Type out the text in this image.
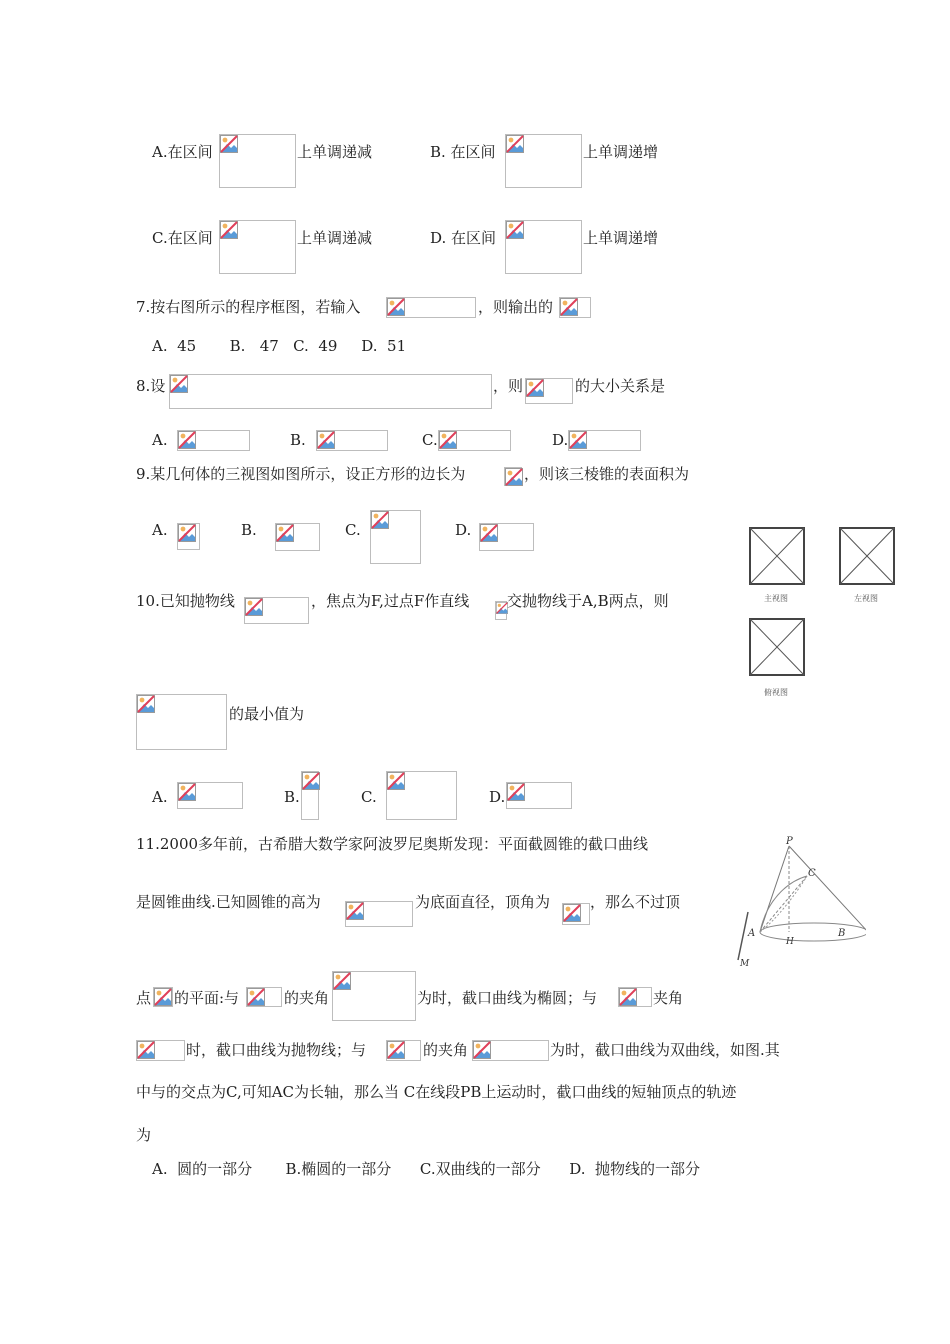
A.在区间	上单调递减	B. 在区间	上单调递增
C.在区间	上单调递减	D. 在区间	上单调递增
7.按右图所示的程序框图，若输入	，则输出的
A.  45       B.   47   C.  49     D.  51
8.设	，则	的大小关系是
A.	B.	C.	D.
9.某几何体的三视图如图所示，设正方形的边长为	，则该三棱锥的表面积为
A.	B.	C.	D.
主视图	左视图
俯视图
10.已知抛物线	，焦点为F,过点F作直线	交抛物线于A,B两点，则
的最小值为
A.	B.	C.	D.
11.2000多年前，古希腊大数学家阿波罗尼奥斯发现：平面截圆锥的截口曲线
是圆锥曲线.已知圆锥的高为	为底面直径，顶角为	，那么不过顶
点 的平面:与	的夹角	为时，截口曲线为椭圆；与	夹角
时，截口曲线为抛物线；与	的夹角	为时，截口曲线为双曲线，如图.其
中与的交点为C,可知AC为长轴，那么当 C在线段PB上运动时，截口曲线的短轴顶点的轨迹
为
A.  圆的一部分       B.椭圆的一部分      C.双曲线的一部分      D.  抛物线的一部分
P
C
A
H
B
M
